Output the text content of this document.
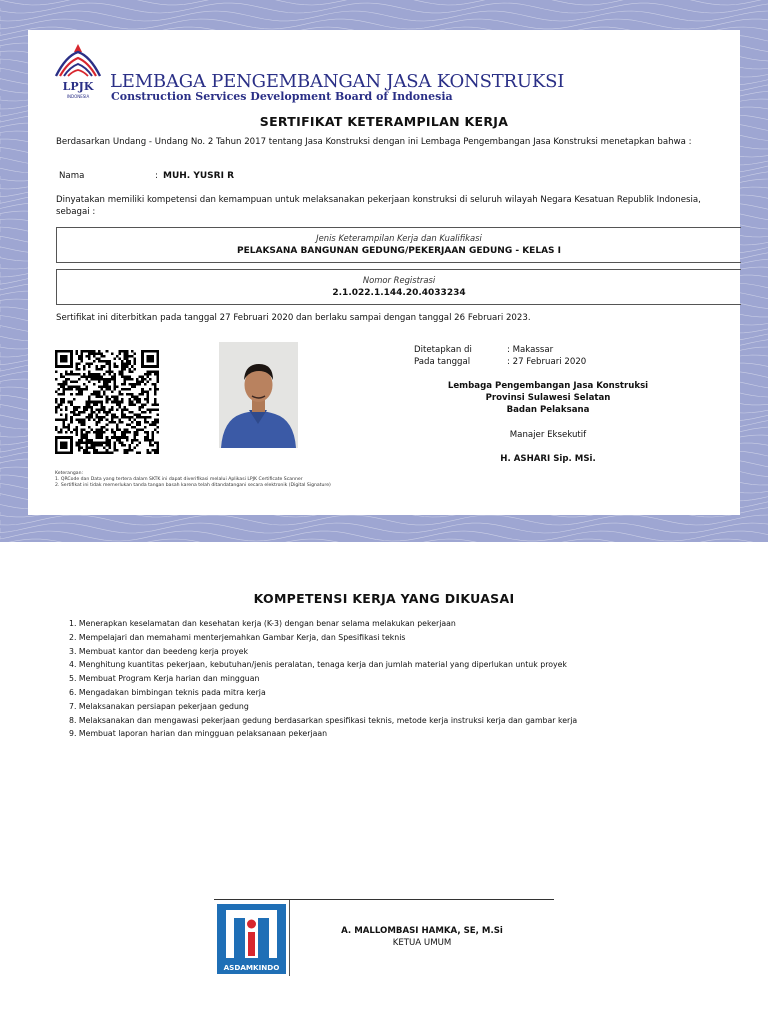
LPJK
INDONESIA
LEMBAGA PENGEMBANGAN JASA KONSTRUKSI
Construction Services Development Board of Indonesia
SERTIFIKAT KETERAMPILAN KERJA
Berdasarkan Undang - Undang No. 2 Tahun 2017 tentang Jasa Konstruksi dengan ini Lembaga Pengembangan Jasa Konstruksi menetapkan bahwa :
Nama	: MUH. YUSRI R
Dinyatakan memiliki kompetensi dan kemampuan untuk melaksanakan pekerjaan konstruksi di seluruh wilayah Negara Kesatuan Republik Indonesia, sebagai :
Jenis Keterampilan Kerja dan Kualifikasi
PELAKSANA BANGUNAN GEDUNG/PEKERJAAN GEDUNG - KELAS I
Nomor Registrasi
2.1.022.1.144.20.4033234
Sertifikat ini diterbitkan pada tanggal 27 Februari 2020 dan berlaku sampai dengan tanggal 26 Februari 2023.
Ditetapkan di	: Makassar
Pada tanggal	: 27 Februari 2020
Lembaga Pengembangan Jasa Konstruksi
Provinsi Sulawesi Selatan
Badan Pelaksana
Manajer Eksekutif
H. ASHARI Sip. MSi.
Keterangan:
1. QRCode dan Data yang tertera dalam SKTK ini dapat diverifikasi melalui Aplikasi LPJK Certificate Scanner
2. Sertifikat ini tidak memerlukan tanda tangan basah karena telah ditandatangani secara elektronik (Digital Signature)
KOMPETENSI KERJA YANG DIKUASAI
1. Menerapkan keselamatan dan kesehatan kerja (K-3) dengan benar selama melakukan pekerjaan
2. Mempelajari dan memahami menterjemahkan Gambar Kerja, dan Spesifikasi teknis
3. Membuat kantor dan beedeng kerja proyek
4. Menghitung kuantitas pekerjaan, kebutuhan/jenis peralatan, tenaga kerja dan jumlah material yang diperlukan untuk proyek
5. Membuat Program Kerja harian dan mingguan
6. Mengadakan bimbingan teknis pada mitra kerja
7. Melaksanakan persiapan pekerjaan gedung
8. Melaksanakan dan mengawasi pekerjaan gedung berdasarkan spesifikasi teknis, metode kerja instruksi kerja dan gambar kerja
9. Membuat laporan harian dan mingguan pelaksanaan pekerjaan
ASDAMKINDO
A. MALLOMBASI HAMKA, SE, M.Si
KETUA UMUM
